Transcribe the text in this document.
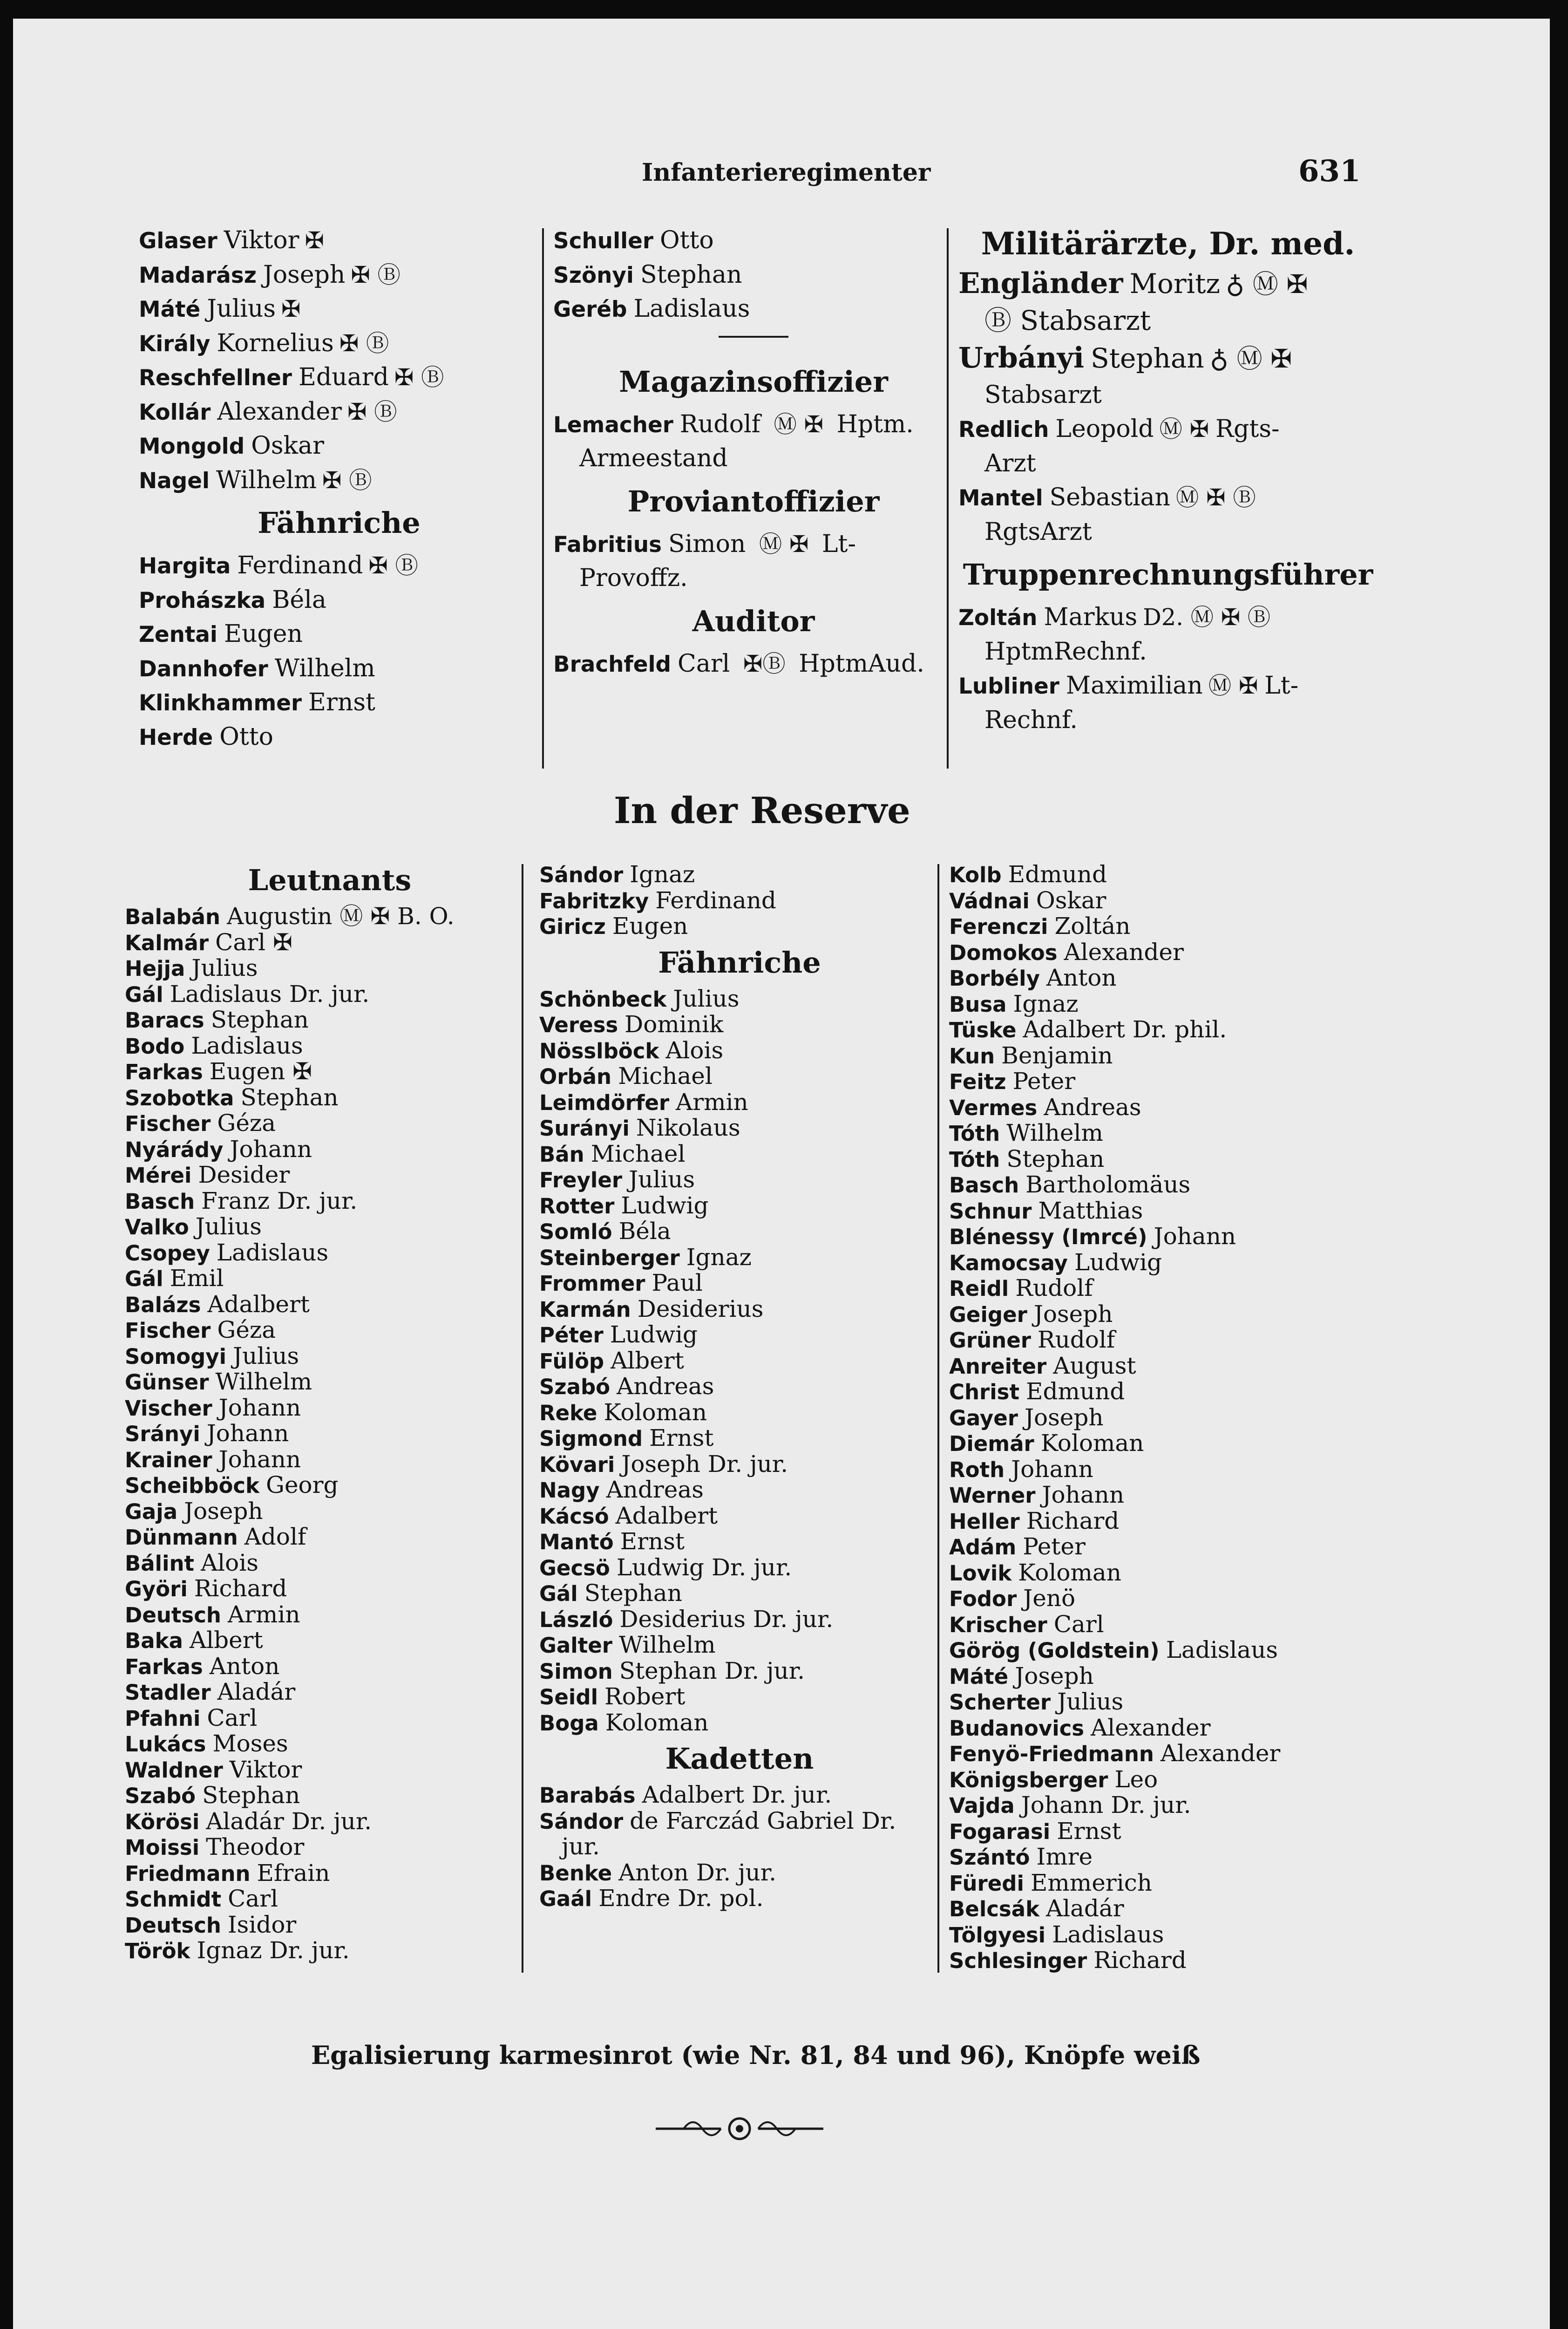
Infanterieregimenter	631
Glaser Viktor ✠
Madarász Joseph ✠ Ⓑ
Máté Julius ✠
Király Kornelius ✠ Ⓑ
Reschfellner Eduard ✠ Ⓑ
Kollár Alexander ✠ Ⓑ
Mongold Oskar
Nagel Wilhelm ✠ Ⓑ
Fähnriche
Hargita Ferdinand ✠ Ⓑ
Prohászka Béla
Zentai Eugen
Dannhofer Wilhelm
Klinkhammer Ernst
Herde Otto
Schuller Otto
Szönyi Stephan
Geréb Ladislaus
Magazinsoffizier
Lemacher Rudolf Ⓜ ✠ Hptm.
Armeestand
Proviantoffizier
Fabritius Simon Ⓜ ✠ Lt-
Provoffz.
Auditor
Brachfeld Carl ✠Ⓑ HptmAud.
Militärärzte, Dr. med.
Engländer Moritz ♁ Ⓜ ✠
Ⓑ Stabsarzt
Urbányi Stephan ♁ Ⓜ ✠
Stabsarzt
Redlich Leopold Ⓜ ✠ Rgts-
Arzt
Mantel Sebastian Ⓜ ✠ Ⓑ
RgtsArzt
Truppenrechnungsführer
Zoltán Markus D2. Ⓜ ✠ Ⓑ
HptmRechnf.
Lubliner Maximilian Ⓜ ✠ Lt-
Rechnf.
In der Reserve
Leutnants
Balabán Augustin Ⓜ ✠ B. O.
Kalmár Carl ✠
Hejja Julius
Gál Ladislaus Dr. jur.
Baracs Stephan
Bodo Ladislaus
Farkas Eugen ✠
Szobotka Stephan
Fischer Géza
Nyárády Johann
Mérei Desider
Basch Franz Dr. jur.
Valko Julius
Csopey Ladislaus
Gál Emil
Balázs Adalbert
Fischer Géza
Somogyi Julius
Günser Wilhelm
Vischer Johann
Srányi Johann
Krainer Johann
Scheibböck Georg
Gaja Joseph
Dünmann Adolf
Bálint Alois
Györi Richard
Deutsch Armin
Baka Albert
Farkas Anton
Stadler Aladár
Pfahni Carl
Lukács Moses
Waldner Viktor
Szabó Stephan
Körösi Aladár Dr. jur.
Moissi Theodor
Friedmann Efrain
Schmidt Carl
Deutsch Isidor
Török Ignaz Dr. jur.
Sándor Ignaz
Fabritzky Ferdinand
Giricz Eugen
Fähnriche
Schönbeck Julius
Veress Dominik
Nösslböck Alois
Orbán Michael
Leimdörfer Armin
Surányi Nikolaus
Bán Michael
Freyler Julius
Rotter Ludwig
Somló Béla
Steinberger Ignaz
Frommer Paul
Karmán Desiderius
Péter Ludwig
Fülöp Albert
Szabó Andreas
Reke Koloman
Sigmond Ernst
Kövari Joseph Dr. jur.
Nagy Andreas
Kácsó Adalbert
Mantó Ernst
Gecsö Ludwig Dr. jur.
Gál Stephan
László Desiderius Dr. jur.
Galter Wilhelm
Simon Stephan Dr. jur.
Seidl Robert
Boga Koloman
Kadetten
Barabás Adalbert Dr. jur.
Sándor de Farczád Gabriel Dr.
jur.
Benke Anton Dr. jur.
Gaál Endre Dr. pol.
Kolb Edmund
Vádnai Oskar
Ferenczi Zoltán
Domokos Alexander
Borbély Anton
Busa Ignaz
Tüske Adalbert Dr. phil.
Kun Benjamin
Feitz Peter
Vermes Andreas
Tóth Wilhelm
Tóth Stephan
Basch Bartholomäus
Schnur Matthias
Blénessy (Imrcé) Johann
Kamocsay Ludwig
Reidl Rudolf
Geiger Joseph
Grüner Rudolf
Anreiter August
Christ Edmund
Gayer Joseph
Diemár Koloman
Roth Johann
Werner Johann
Heller Richard
Adám Peter
Lovik Koloman
Fodor Jenö
Krischer Carl
Görög (Goldstein) Ladislaus
Máté Joseph
Scherter Julius
Budanovics Alexander
Fenyö-Friedmann Alexander
Königsberger Leo
Vajda Johann Dr. jur.
Fogarasi Ernst
Szántó Imre
Füredi Emmerich
Belcsák Aladár
Tölgyesi Ladislaus
Schlesinger Richard
Egalisierung karmesinrot (wie Nr. 81, 84 und 96), Knöpfe weiß
